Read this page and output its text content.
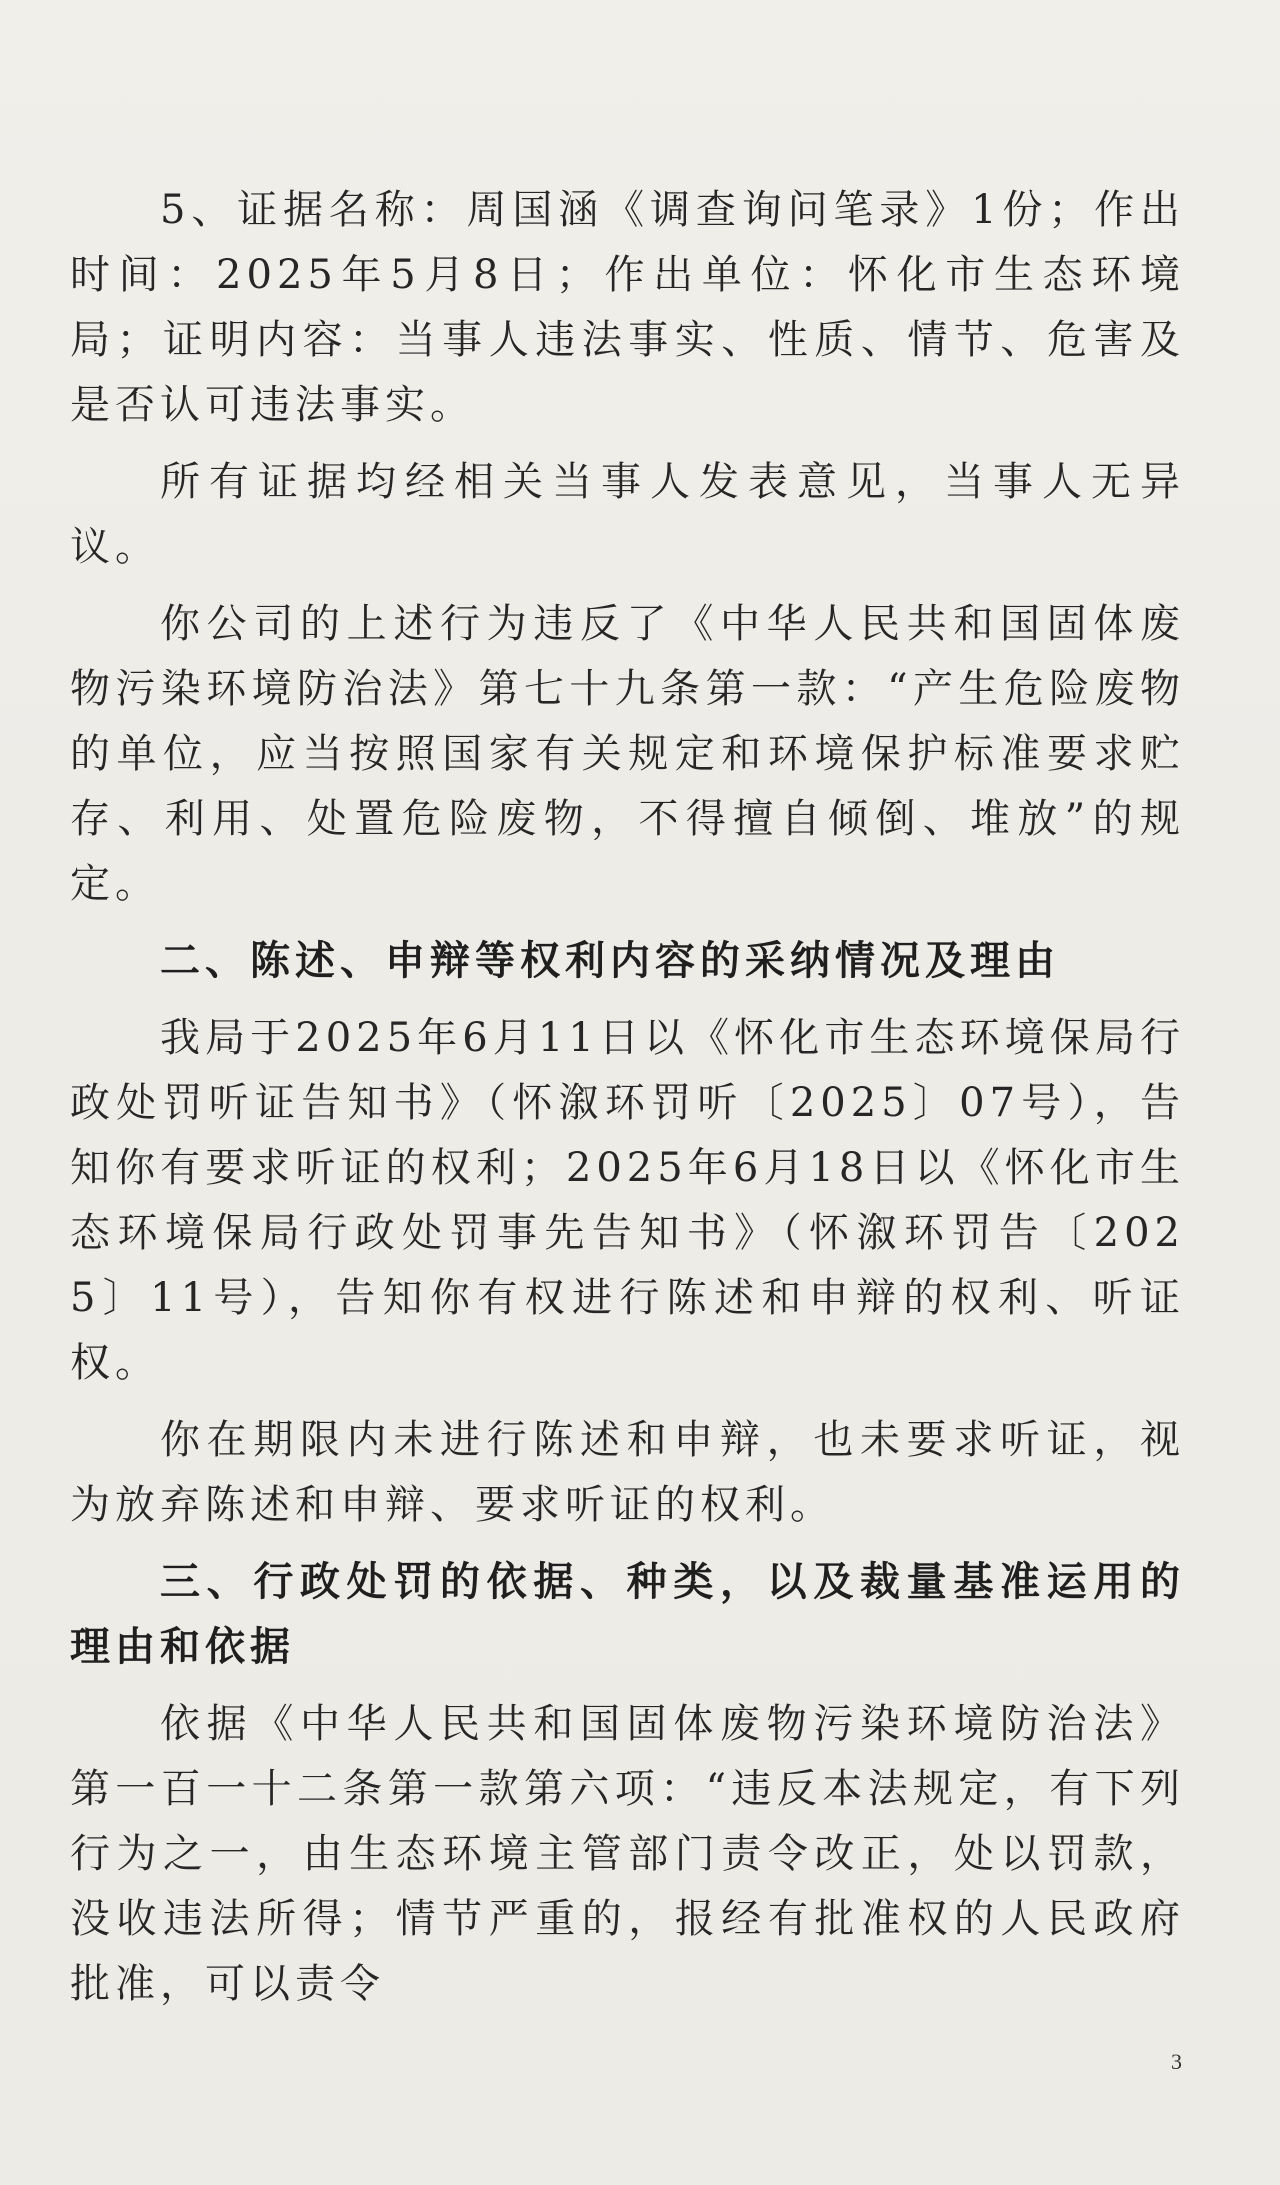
5、证据名称：周国涵《调查询问笔录》1份；作出时间：2025年5月8日；作出单位：怀化市生态环境局；证明内容：当事人违法事实、性质、情节、危害及是否认可违法事实。

所有证据均经相关当事人发表意见，当事人无异议。

你公司的上述行为违反了《中华人民共和国固体废物污染环境防治法》第七十九条第一款：“产生危险废物的单位，应当按照国家有关规定和环境保护标准要求贮存、利用、处置危险废物，不得擅自倾倒、堆放”的规定。

二、陈述、申辩等权利内容的采纳情况及理由

我局于2025年6月11日以《怀化市生态环境保局行政处罚听证告知书》（怀溆环罚听〔2025〕07号），告知你有要求听证的权利；2025年6月18日以《怀化市生态环境保局行政处罚事先告知书》（怀溆环罚告〔2025〕11号），告知你有权进行陈述和申辩的权利、听证权。

你在期限内未进行陈述和申辩，也未要求听证，视为放弃陈述和申辩、要求听证的权利。

三、行政处罚的依据、种类，以及裁量基准运用的理由和依据

依据《中华人民共和国固体废物污染环境防治法》第一百一十二条第一款第六项：“违反本法规定，有下列行为之一，由生态环境主管部门责令改正，处以罚款，没收违法所得；情节严重的，报经有批准权的人民政府批准，可以责令

3
